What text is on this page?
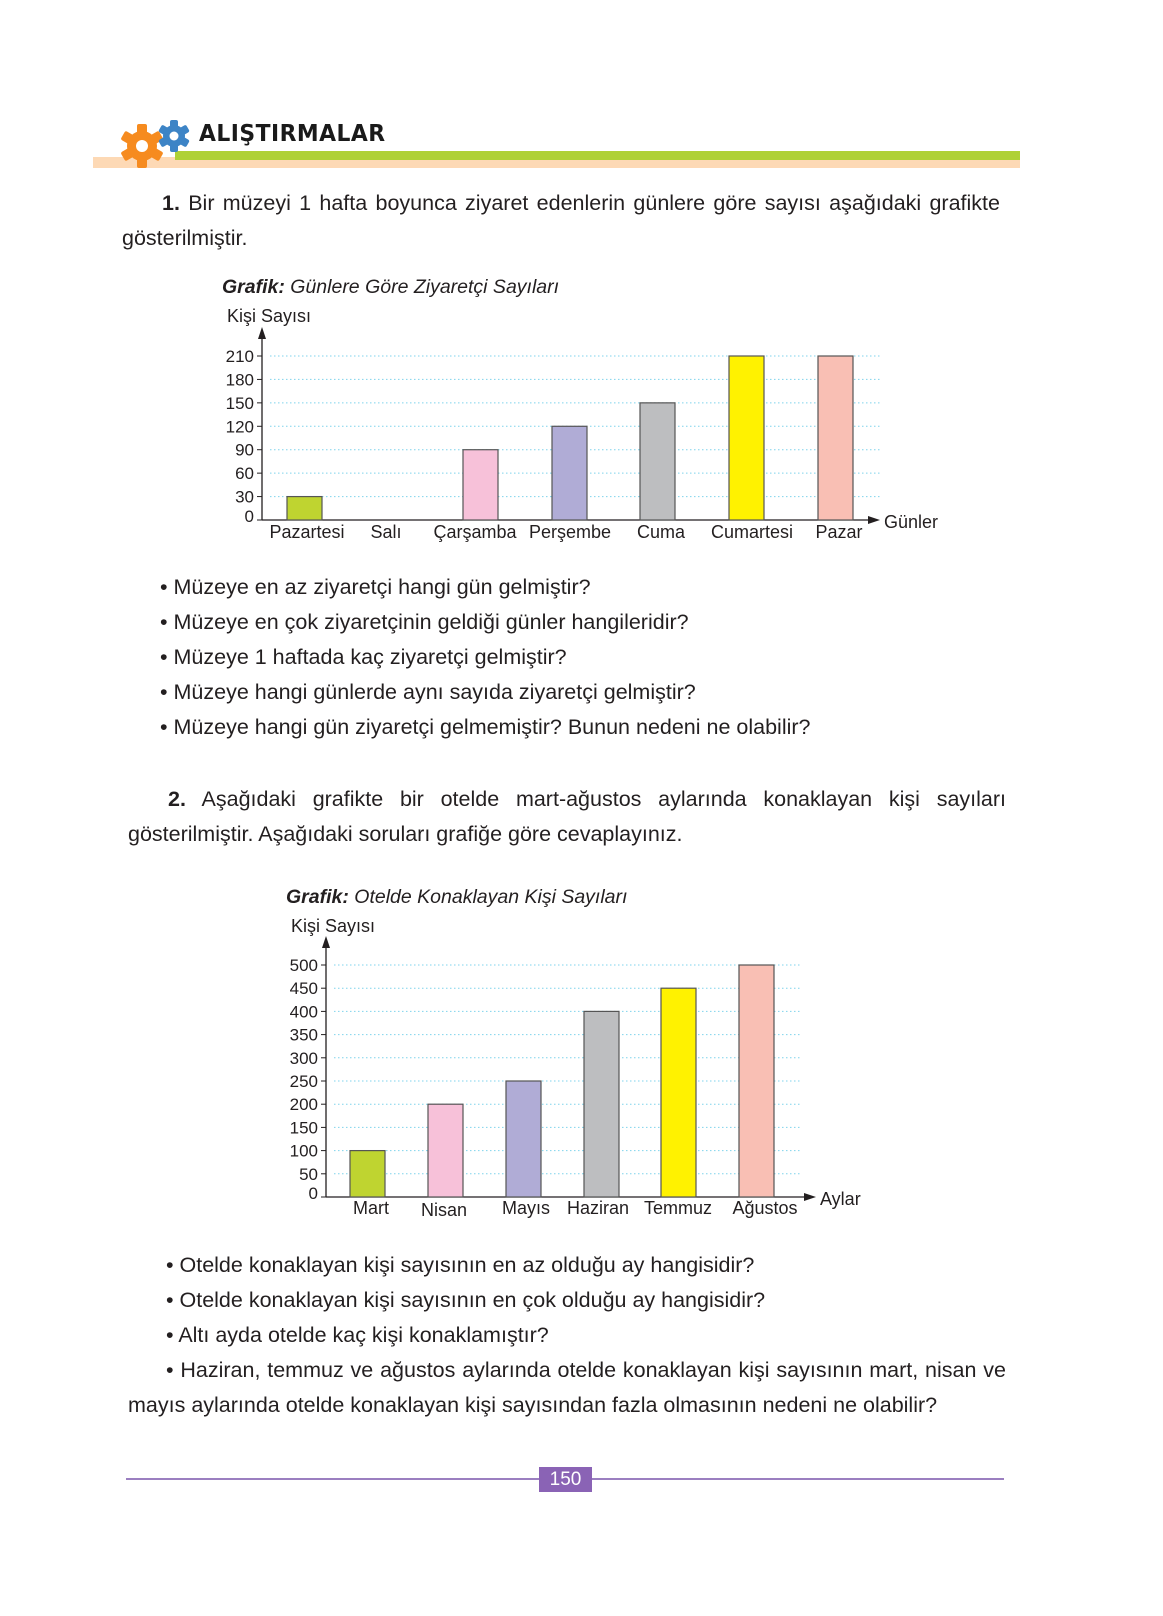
ALIŞTIRMALAR
1. Bir müzeyi 1 hafta boyunca ziyaret edenlerin günlere göre sayısı aşağıdaki grafikte gösterilmiştir.
Grafik: Günlere Göre Ziyaretçi Sayıları
Kişi Sayısı
0
30
60
90
120
150
180
210
Günler
Pazartesi Salı Çarşamba Perşembe Cuma Cumartesi Pazar
• Müzeye en az ziyaretçi hangi gün gelmiştir?
• Müzeye en çok ziyaretçinin geldiği günler hangileridir?
• Müzeye 1 haftada kaç ziyaretçi gelmiştir?
• Müzeye hangi günlerde aynı sayıda ziyaretçi gelmiştir?
• Müzeye hangi gün ziyaretçi gelmemiştir? Bunun nedeni ne olabilir?
2. Aşağıdaki grafikte bir otelde mart-ağustos aylarında konaklayan kişi sayıları gösterilmiştir. Aşağıdaki soruları grafiğe göre cevaplayınız.
Grafik: Otelde Konaklayan Kişi Sayıları
Kişi Sayısı
0
50
100
150
200
250
300
350
400
450
500
Aylar
Mart Nisan Mayıs Haziran Temmuz Ağustos
• Otelde konaklayan kişi sayısının en az olduğu ay hangisidir?
• Otelde konaklayan kişi sayısının en çok olduğu ay hangisidir?
• Altı ayda otelde kaç kişi konaklamıştır?
• Haziran, temmuz ve ağustos aylarında otelde konaklayan kişi sayısının mart, nisan ve mayıs aylarında otelde konaklayan kişi sayısından fazla olmasının nedeni ne olabilir?
150
